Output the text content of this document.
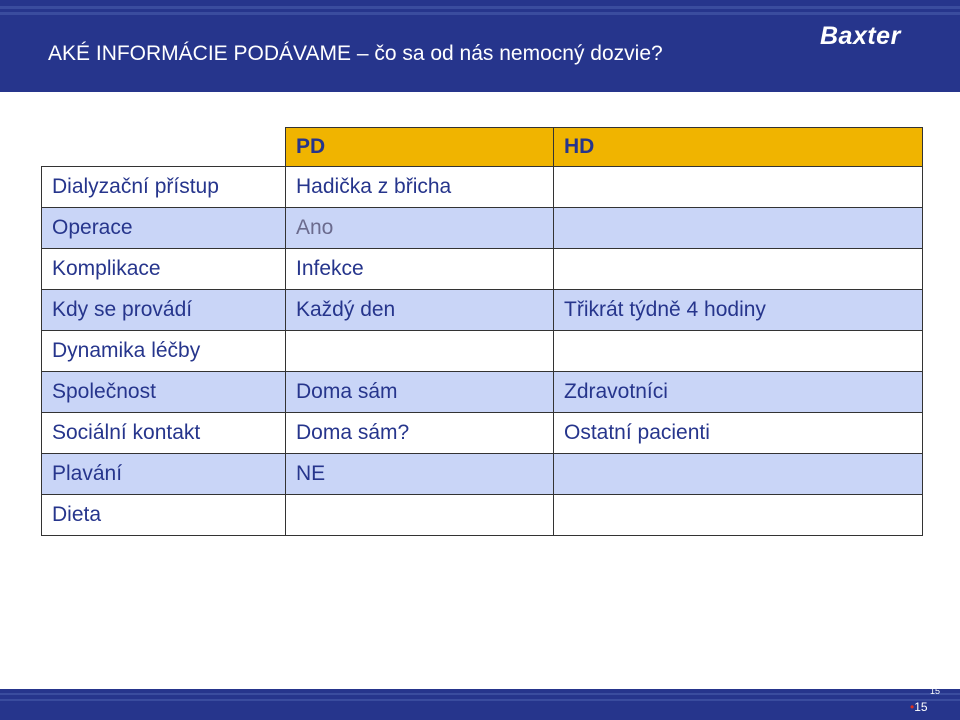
AKÉ INFORMÁCIE PODÁVAME – čo sa od nás nemocný dozvie?
Baxter
	PD	HD
Dialyzační přístup	Hadička z břicha	
Operace	Ano	
Komplikace	Infekce	
Kdy se provádí	Každý den	Třikrát týdně 4 hodiny
Dynamika léčby		
Společnost	Doma sám	Zdravotníci
Sociální kontakt	Doma sám?	Ostatní pacienti
Plavání	NE	
Dieta		
15
•15
